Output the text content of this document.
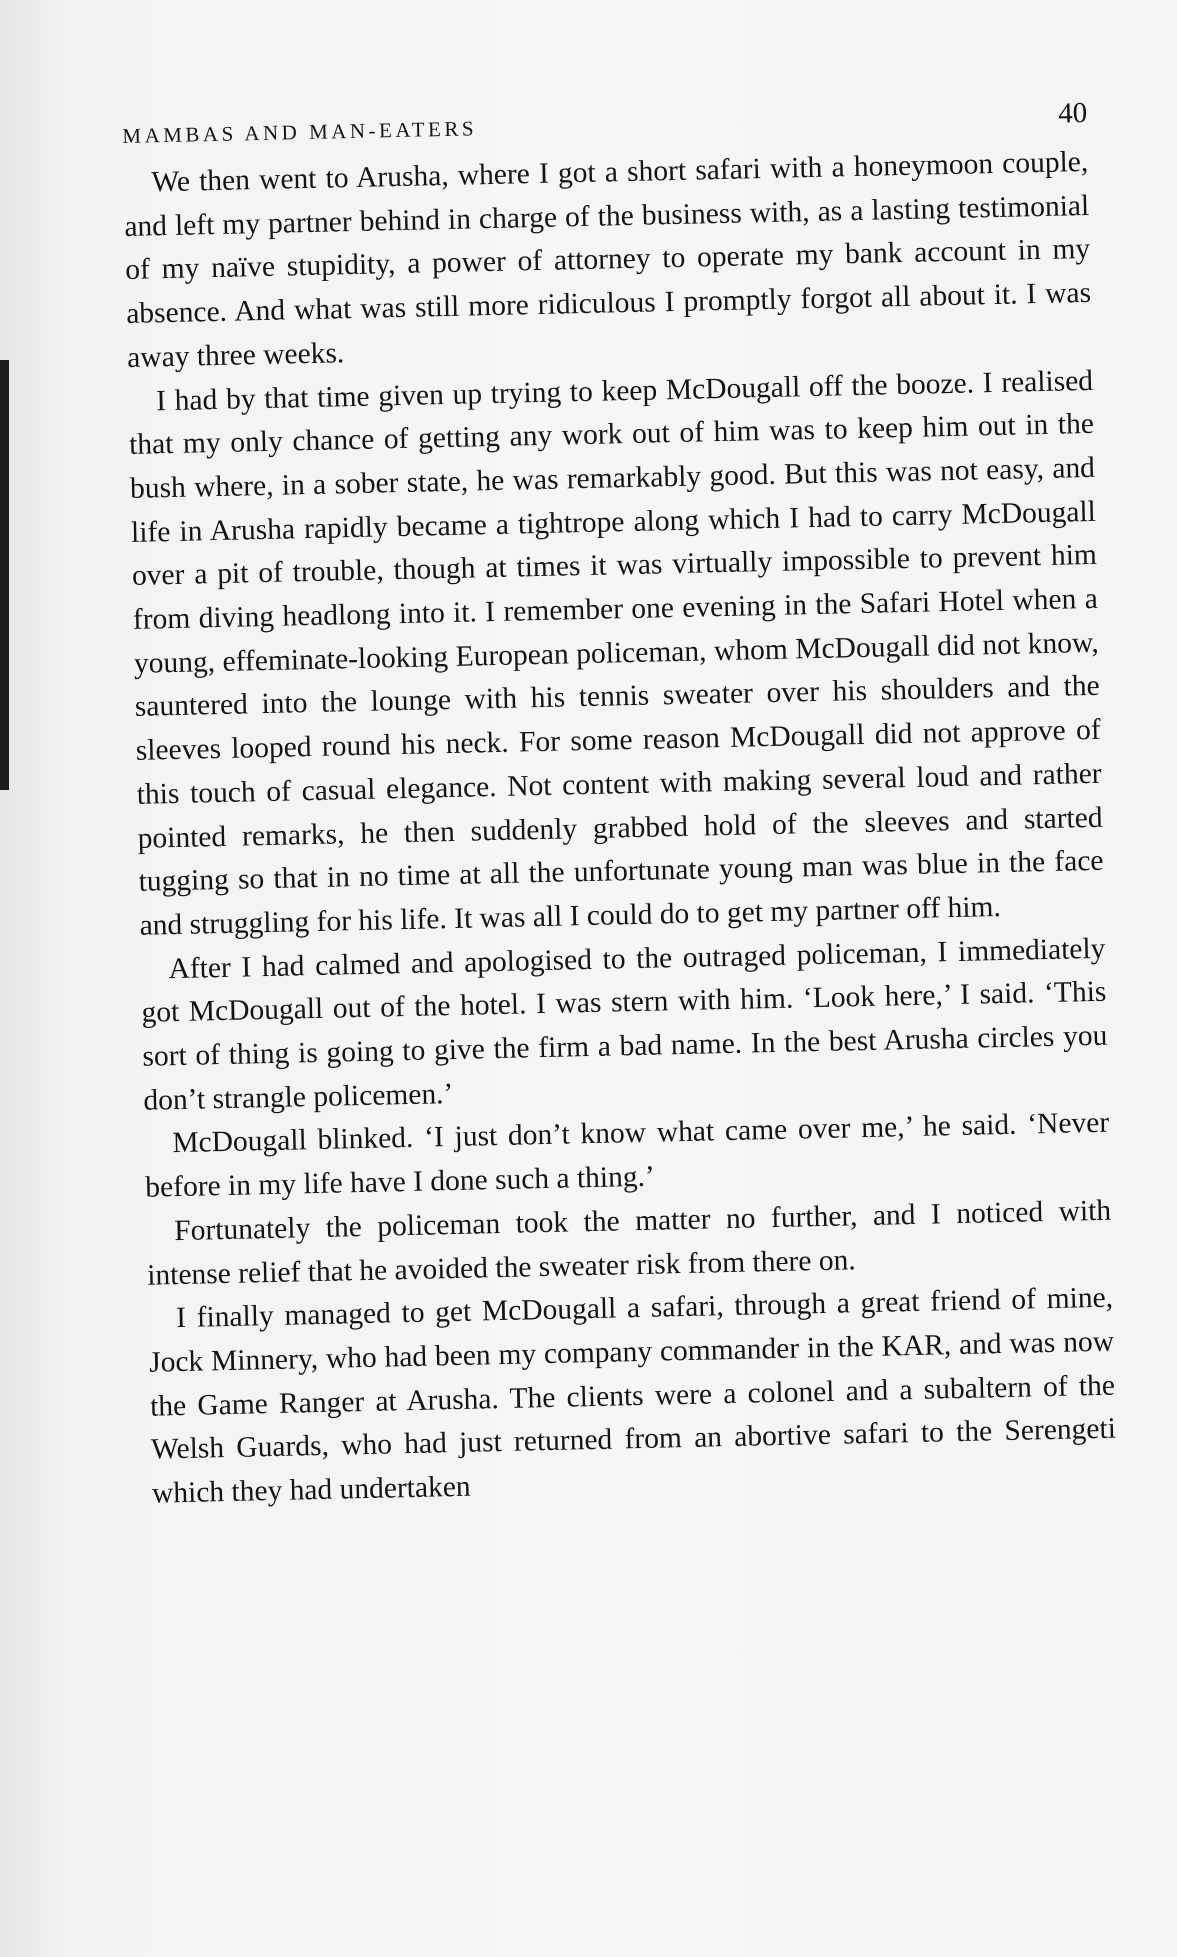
MAMBAS AND MAN-EATERS
40

We then went to Arusha, where I got a short safari with a honeymoon couple, and left my partner behind in charge of the business with, as a lasting testimonial of my naïve stupidity, a power of attorney to operate my bank account in my absence. And what was still more ridiculous I promptly forgot all about it. I was away three weeks.

I had by that time given up trying to keep McDougall off the booze. I realised that my only chance of getting any work out of him was to keep him out in the bush where, in a sober state, he was remarkably good. But this was not easy, and life in Arusha rapidly became a tightrope along which I had to carry McDougall over a pit of trouble, though at times it was virtually impossible to prevent him from diving headlong into it. I remember one evening in the Safari Hotel when a young, effeminate-looking European policeman, whom McDougall did not know, sauntered into the lounge with his tennis sweater over his shoulders and the sleeves looped round his neck. For some reason McDougall did not approve of this touch of casual elegance. Not content with making several loud and rather pointed remarks, he then suddenly grabbed hold of the sleeves and started tugging so that in no time at all the unfortunate young man was blue in the face and struggling for his life. It was all I could do to get my partner off him.

After I had calmed and apologised to the outraged policeman, I immediately got McDougall out of the hotel. I was stern with him. ‘Look here,’ I said. ‘This sort of thing is going to give the firm a bad name. In the best Arusha circles you don’t strangle policemen.’

McDougall blinked. ‘I just don’t know what came over me,’ he said. ‘Never before in my life have I done such a thing.’

Fortunately the policeman took the matter no further, and I noticed with intense relief that he avoided the sweater risk from there on.

I finally managed to get McDougall a safari, through a great friend of mine, Jock Minnery, who had been my company commander in the KAR, and was now the Game Ranger at Arusha. The clients were a colonel and a subaltern of the Welsh Guards, who had just returned from an abortive safari to the Serengeti which they had undertaken
